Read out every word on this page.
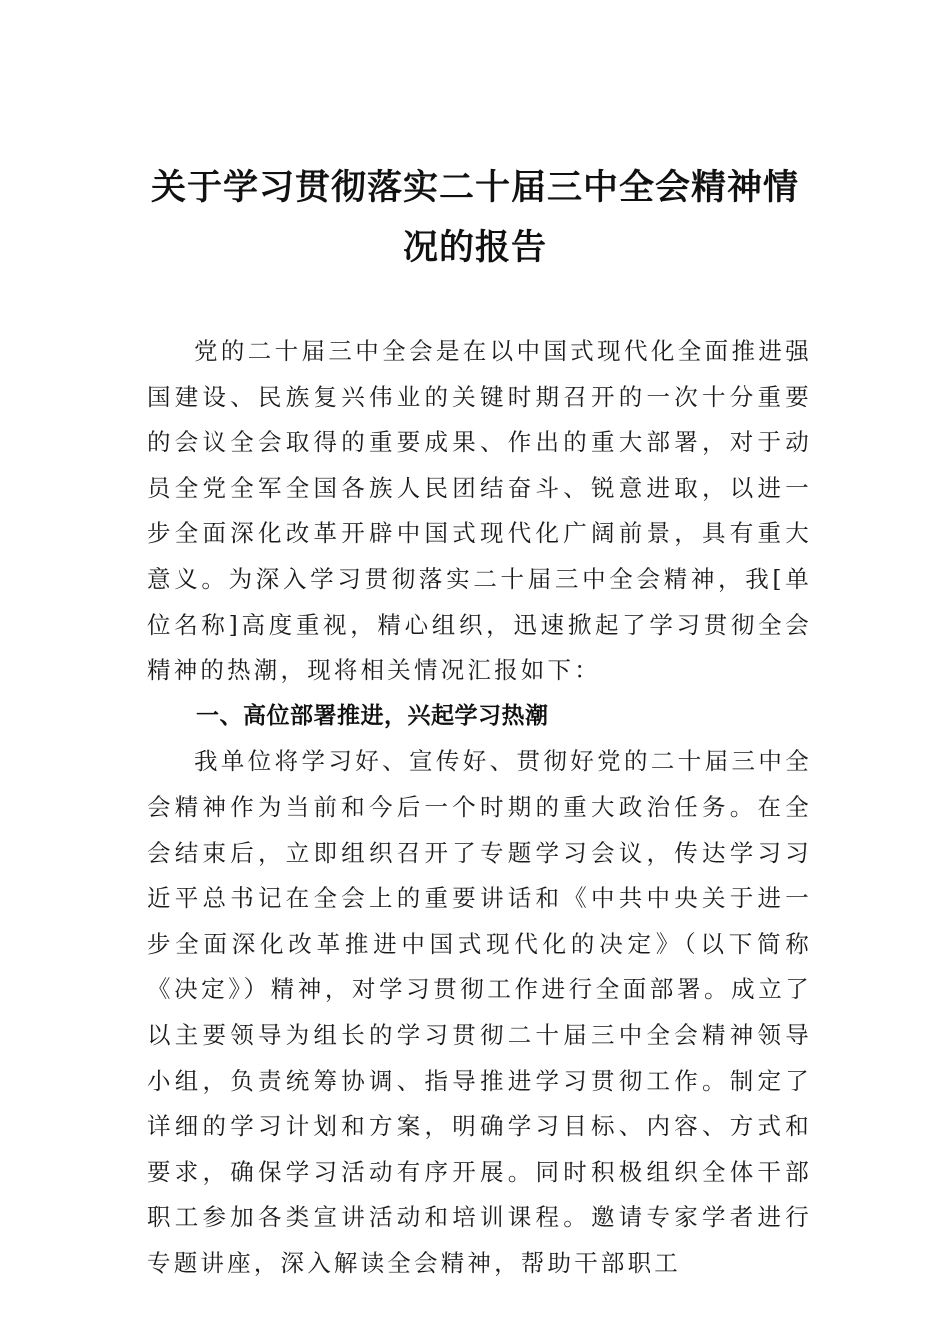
关于学习贯彻落实二十届三中全会精神情况的报告

党的二十届三中全会是在以中国式现代化全面推进强国建设、民族复兴伟业的关键时期召开的一次十分重要的会议全会取得的重要成果、作出的重大部署，对于动员全党全军全国各族人民团结奋斗、锐意进取，以进一步全面深化改革开辟中国式现代化广阔前景，具有重大意义。为深入学习贯彻落实二十届三中全会精神，我[单位名称]高度重视，精心组织，迅速掀起了学习贯彻全会精神的热潮，现将相关情况汇报如下：

一、高位部署推进，兴起学习热潮

我单位将学习好、宣传好、贯彻好党的二十届三中全会精神作为当前和今后一个时期的重大政治任务。在全会结束后，立即组织召开了专题学习会议，传达学习习近平总书记在全会上的重要讲话和《中共中央关于进一步全面深化改革推进中国式现代化的决定》（以下简称《决定》）精神，对学习贯彻工作进行全面部署。成立了以主要领导为组长的学习贯彻二十届三中全会精神领导小组，负责统筹协调、指导推进学习贯彻工作。制定了详细的学习计划和方案，明确学习目标、内容、方式和要求，确保学习活动有序开展。同时积极组织全体干部职工参加各类宣讲活动和培训课程。邀请专家学者进行专题讲座，深入解读全会精神，帮助干部职工
